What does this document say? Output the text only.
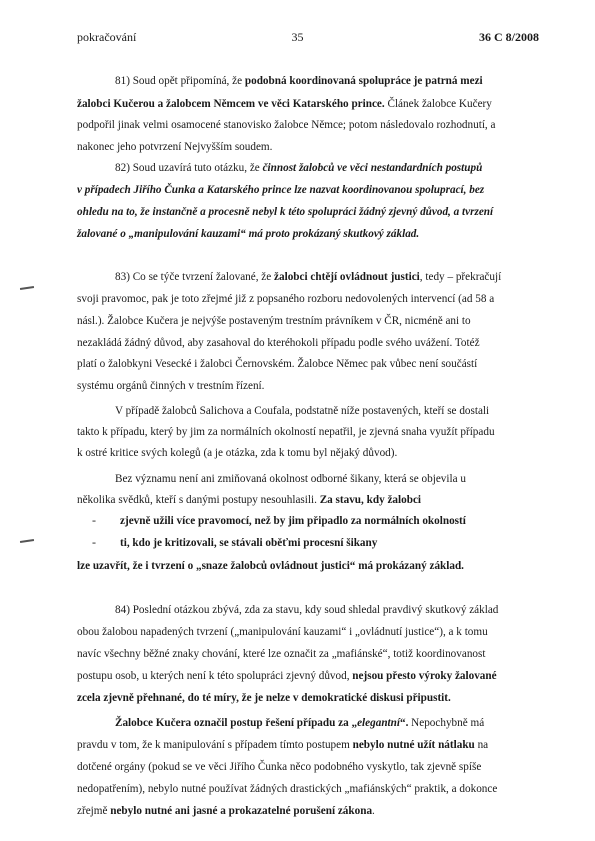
pokračování	35	36 C 8/2008
81) Soud opět připomíná, že podobná koordinovaná spolupráce je patrná mezi
žalobci Kučerou a žalobcem Němcem ve věci Katarského prince. Článek žalobce Kučery
podpořil jinak velmi osamocené stanovisko žalobce Němce; potom následovalo rozhodnutí, a
nakonec jeho potvrzení Nejvyšším soudem.
82) Soud uzavírá tuto otázku, že činnost žalobců ve věci nestandardních postupů
v případech Jiřího Čunka a Katarského prince lze nazvat koordinovanou spoluprací, bez
ohledu na to, že instančně a procesně nebyl k této spolupráci žádný zjevný důvod, a tvrzení
žalované o „manipulování kauzami“ má proto prokázaný skutkový základ.
83) Co se týče tvrzení žalované, že žalobci chtějí ovládnout justici, tedy – překračují
svoji pravomoc, pak je toto zřejmé již z popsaného rozboru nedovolených intervencí (ad 58 a
násl.). Žalobce Kučera je nejvýše postaveným trestním právníkem v ČR, nicméně ani to
nezakládá žádný důvod, aby zasahoval do kteréhokoli případu podle svého uvážení. Totéž
platí o žalobkyni Vesecké i žalobci Černovském. Žalobce Němec pak vůbec není součástí
systému orgánů činných v trestním řízení.
V případě žalobců Salichova a Coufala, podstatně níže postavených, kteří se dostali
takto k případu, který by jim za normálních okolností nepatřil, je zjevná snaha využít případu
k ostré kritice svých kolegů (a je otázka, zda k tomu byl nějaký důvod).
Bez významu není ani zmiňovaná okolnost odborné šikany, která se objevila u
několika svědků, kteří s danými postupy nesouhlasili. Za stavu, kdy žalobci
- zjevně užili více pravomocí, než by jim připadlo za normálních okolností
- ti, kdo je kritizovali, se stávali oběťmi procesní šikany
lze uzavřít, že i tvrzení o „snaze žalobců ovládnout justici“ má prokázaný základ.
84) Poslední otázkou zbývá, zda za stavu, kdy soud shledal pravdivý skutkový základ
obou žalobou napadených tvrzení („manipulování kauzami“ i „ovládnutí justice“), a k tomu
navíc všechny běžné znaky chování, které lze označit za „mafiánské“, totiž koordinovanost
postupu osob, u kterých není k této spolupráci zjevný důvod, nejsou přesto výroky žalované
zcela zjevně přehnané, do té míry, že je nelze v demokratické diskusi připustit.
Žalobce Kučera označil postup řešení případu za „elegantní“. Nepochybně má
pravdu v tom, že k manipulování s případem tímto postupem nebylo nutné užít nátlaku na
dotčené orgány (pokud se ve věci Jiřího Čunka něco podobného vyskytlo, tak zjevně spíše
nedopatřením), nebylo nutné používat žádných drastických „mafiánských“ praktik, a dokonce
zřejmě nebylo nutné ani jasné a prokazatelné porušení zákona.
